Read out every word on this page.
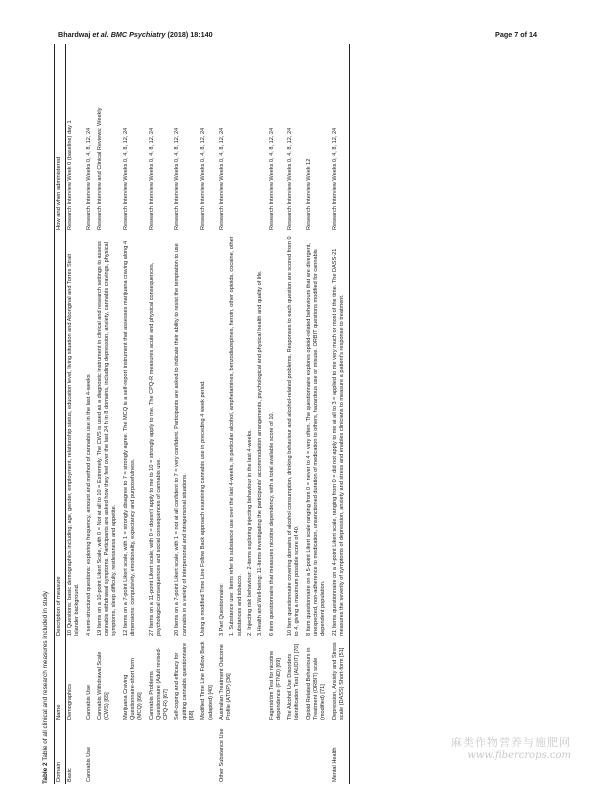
Bhardwaj et al. BMC Psychiatry (2018) 18:140	Page 7 of 14
Table 2 Table of all clinical and research measures included in study
Domain	Name	Description of measure	How and when administered
Basic	Demographics	10 Questions: basic demographics including; age, gender, employment, relationship status, education level, living situation and Aboriginal and Torres Strait Islander background.	Research Interview Week 0 (baseline) day 1
Cannabis Use	Cannabis Use	4 semi-structured questions: exploring frequency, amount and method of cannabis use in the last 4-weeks	Research Interview Weeks 0, 4, 8, 12, 24
	Cannabis Withdrawal Scale (CWS) [65]	19 Items on a 10-point Likert Scale, with 0 = Not at all to 10 = Extremely. The CWS is used as a diagnostic instrument in clinical and research settings to assess cannabis withdrawal symptoms. Participants are asked how they feel over the last 24 h in 8 domains, including depression, anxiety, cannabis cravings, physical symptoms, sleep difficulty, restlessness and appetite.	Research Interview and Clinical Reviews: Weekly
	Marijuana Craving Questionnaire-short form (MCQ) [66]	12 Items on a 7-point Likert scale, with 1 = strongly disagree to 7 = strongly agree. The MCQ is a self-report instrument that assesses marijuana craving along 4 dimensions: compulsivity, emotionality, expectancy and purposefulness.	Research Interview Weeks 0, 4, 8, 12, 24
	Cannabis Problems Questionnaire (Adult revised- CPQ-R) [67]	27 Items on a 11-point Likert scale, with 0 = doesn't apply to me to 10 = strongly apply to me. The CPQ-R measures acute and physical consequences, psychological consequences and social consequences of cannabis use.	Research Interview Weeks 0, 4, 8, 12, 24
	Self-coping and efficacy for quitting cannabis questionnaire [68]	20 Items on a 7-point Likert scale, with 1 = not at all confident to 7 = very confident. Participants are asked to indicate their ability to resist the temptation to use cannabis in a variety of interpersonal and intrapersonal situations.	Research Interview Weeks 0, 4, 8, 12, 24
	Modified Time Line Follow Back (adapted) [40]	Using a modified Time Line Follow Back approach examining cannabis use in preceding 4 week period.	Research Interview Weeks 0, 4, 8, 12, 24
Other Substance Use	Australian Treatment Outcome Profile (ATOP) [36]	3 Part Questionnaire: 1. Substance use: Items refer to substance use over the last 4-weeks, in particular alcohol, amphetamines, benzodiazepines, heroin, other opioids, cocaine, other substances and tobacco. 2. Injecting risk behaviour: 2-items exploring injecting behaviour in the last 4-weeks. 3.Health and Well-being: 11-Items investigating the participants' accommodation arrangements, psychological and physical health and quality of life.	Research Interview Weeks 0, 4, 8, 12, 24
	Fagerström Test for nicotine dependence (FTND) [69]	6 item questionnaire that measures nicotine dependency, with a total available score of 10.	Research Interview Weeks 0, 4, 8, 12, 24
	The Alcohol Use Disorders Identification Test (AUDIT) [70]	10 Item questionnaire covering domains of alcohol consumption, drinking behaviour and alcohol-related problems. Responses to each question are scored from 0 to 4, giving a maximum possible score of 40.	Research Interview Weeks 0, 4, 8, 12, 24
	Opioid Related Behaviours in Treatment (ORBIT) scale (modified) [71]	8 Item questionnaire on a 5-point Likert scale ranging from 0 = never to 4 = very often. The questionnaire explores opioid-related behaviours that are divergent, unexpected, non-adherence to medication, unsanctioned duration of medication to others, hazardous use or misuse. ORBIT questions modified for cannabis dependent population.	Research Interview Week 12
Mental Health	Depression, Anxiety and Stress scale (DASS) Short-form [51]	21 Items questionnaire on a 4-point Likert scale, ranging from 0 = did not apply to me at all to 3 = applied to me very much or most of the time. The DASS-21 measures the severity of symptoms of depression, anxiety and stress and enables clinicians to measure a patient's response to treatment.	Research Interview Weeks 0, 4, 8, 12, 24
麻类作物营养与施肥网
www.fibercrops.com
